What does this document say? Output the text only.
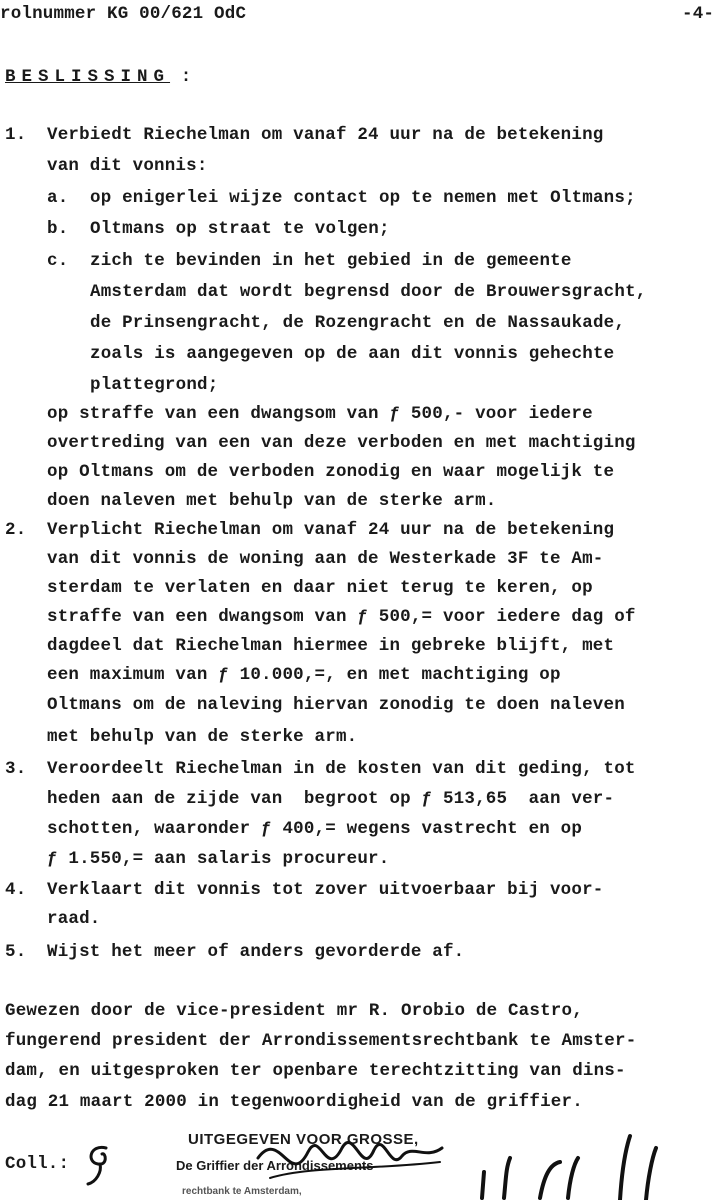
rolnummer KG 00/621 OdC	-4-
BESLISSING :
1. Verbiedt Riechelman om vanaf 24 uur na de betekening
van dit vonnis:
a. op enigerlei wijze contact op te nemen met Oltmans;
b. Oltmans op straat te volgen;
c. zich te bevinden in het gebied in de gemeente
Amsterdam dat wordt begrensd door de Brouwersgracht,
de Prinsengracht, de Rozengracht en de Nassaukade,
zoals is aangegeven op de aan dit vonnis gehechte
plattegrond;
op straffe van een dwangsom van ƒ 500,- voor iedere
overtreding van een van deze verboden en met machtiging
op Oltmans om de verboden zonodig en waar mogelijk te
doen naleven met behulp van de sterke arm.
2. Verplicht Riechelman om vanaf 24 uur na de betekening
van dit vonnis de woning aan de Westerkade 3F te Am-
sterdam te verlaten en daar niet terug te keren, op
straffe van een dwangsom van ƒ 500,= voor iedere dag of
dagdeel dat Riechelman hiermee in gebreke blijft, met
een maximum van ƒ 10.000,=, en met machtiging op
Oltmans om de naleving hiervan zonodig te doen naleven
met behulp van de sterke arm.
3. Veroordeelt Riechelman in de kosten van dit geding, tot
heden aan de zijde van  begroot op ƒ 513,65  aan ver-
schotten, waaronder ƒ 400,= wegens vastrecht en op
ƒ 1.550,= aan salaris procureur.
4. Verklaart dit vonnis tot zover uitvoerbaar bij voor-
raad.
5. Wijst het meer of anders gevorderde af.
Gewezen door de vice-president mr R. Orobio de Castro,
fungerend president der Arrondissementsrechtbank te Amster-
dam, en uitgesproken ter openbare terechtzitting van dins-
dag 21 maart 2000 in tegenwoordigheid van de griffier.
Coll.:
UITGEGEVEN VOOR GROSSE,
De Griffier der Arrondissements-
rechtbank te Amsterdam,
